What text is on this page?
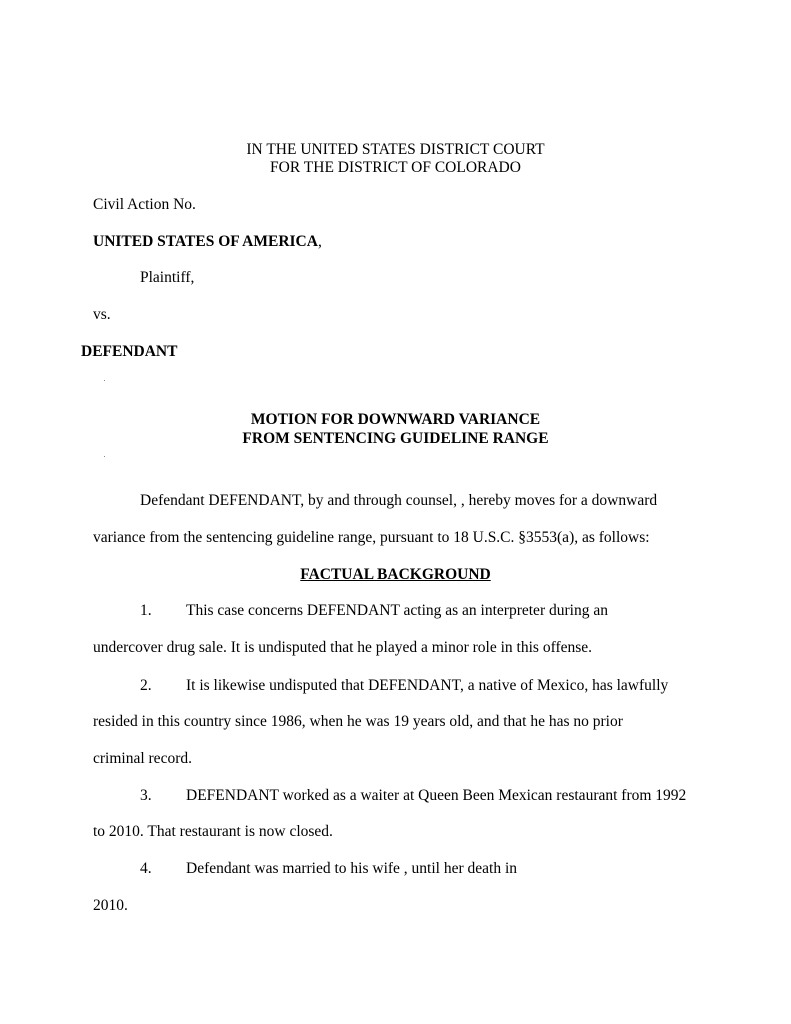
IN THE UNITED STATES DISTRICT COURT
FOR THE DISTRICT OF COLORADO
Civil Action No.
UNITED STATES OF AMERICA,
Plaintiff,
vs.
DEFENDANT
MOTION FOR DOWNWARD VARIANCE
FROM SENTENCING GUIDELINE RANGE
Defendant DEFENDANT, by and through counsel, , hereby moves for a downward
variance from the sentencing guideline range, pursuant to 18 U.S.C. §3553(a), as follows:
FACTUAL BACKGROUND
1. This case concerns DEFENDANT acting as an interpreter during an
undercover drug sale. It is undisputed that he played a minor role in this offense.
2. It is likewise undisputed that DEFENDANT, a native of Mexico, has lawfully
resided in this country since 1986, when he was 19 years old, and that he has no prior
criminal record.
3. DEFENDANT worked as a waiter at Queen Been Mexican restaurant from 1992
to 2010. That restaurant is now closed.
4. Defendant was married to his wife , until her death in
2010.
